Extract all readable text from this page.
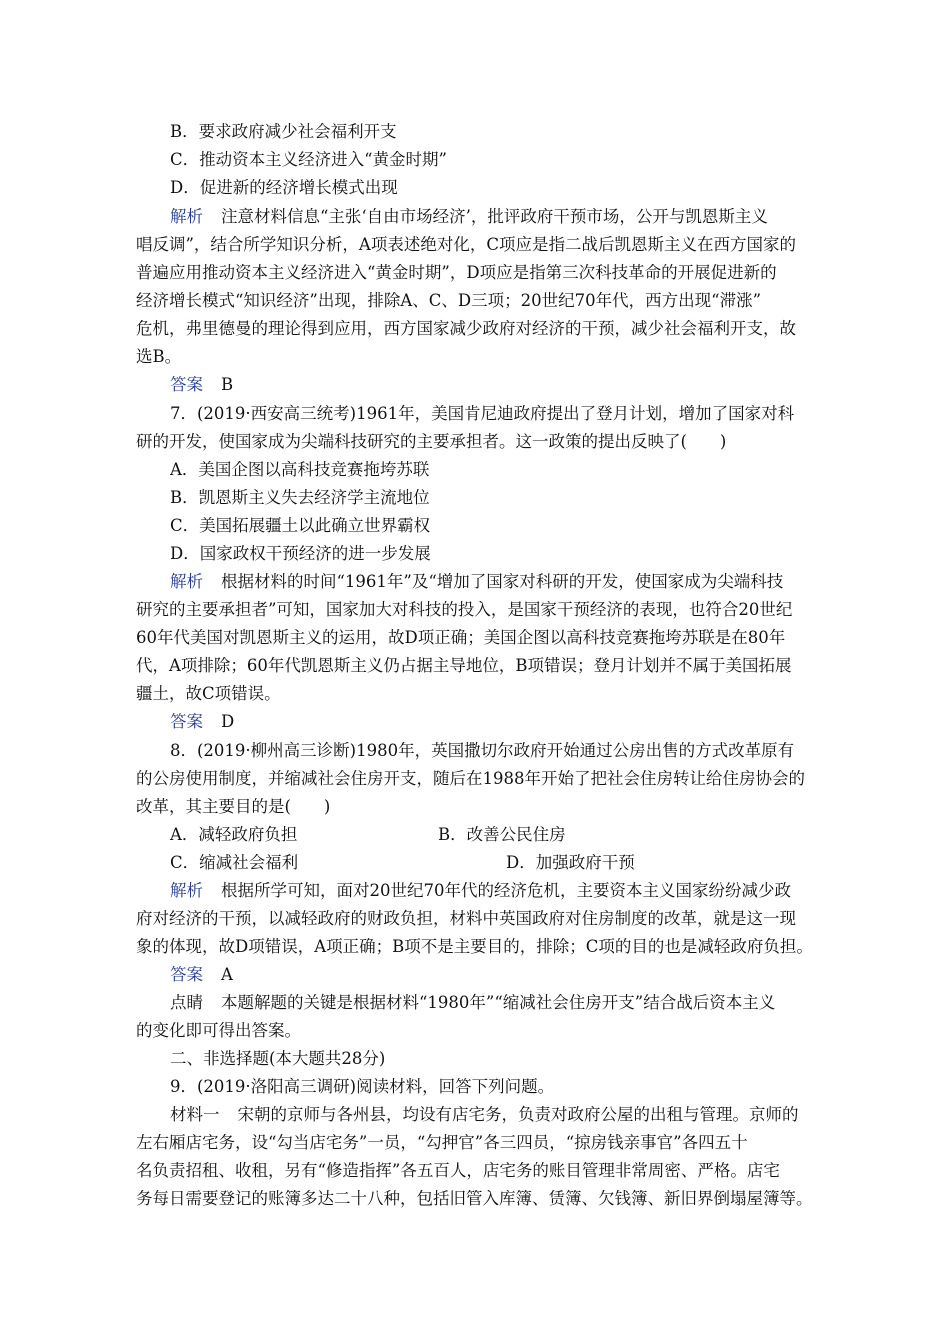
B．要求政府减少社会福利开支
C．推动资本主义经济进入“黄金时期”
D．促进新的经济增长模式出现
解析 注意材料信息“主张‘自由市场经济’，批评政府干预市场，公开与凯恩斯主义
唱反调”，结合所学知识分析，A项表述绝对化，C项应是指二战后凯恩斯主义在西方国家的
普遍应用推动资本主义经济进入“黄金时期”，D项应是指第三次科技革命的开展促进新的
经济增长模式“知识经济”出现，排除A、C、D三项；20世纪70年代，西方出现“滞涨”
危机，弗里德曼的理论得到应用，西方国家减少政府对经济的干预，减少社会福利开支，故
选B。
答案 B
7．(2019·西安高三统考)1961年，美国肯尼迪政府提出了登月计划，增加了国家对科
研的开发，使国家成为尖端科技研究的主要承担者。这一政策的提出反映了(　　)
A．美国企图以高科技竞赛拖垮苏联
B．凯恩斯主义失去经济学主流地位
C．美国拓展疆土以此确立世界霸权
D．国家政权干预经济的进一步发展
解析 根据材料的时间“1961年”及“增加了国家对科研的开发，使国家成为尖端科技
研究的主要承担者”可知，国家加大对科技的投入，是国家干预经济的表现，也符合20世纪
60年代美国对凯恩斯主义的运用，故D项正确；美国企图以高科技竞赛拖垮苏联是在80年
代，A项排除；60年代凯恩斯主义仍占据主导地位，B项错误；登月计划并不属于美国拓展
疆土，故C项错误。
答案 D
8．(2019·柳州高三诊断)1980年，英国撒切尔政府开始通过公房出售的方式改革原有
的公房使用制度，并缩减社会住房开支，随后在1988年开始了把社会住房转让给住房协会的
改革，其主要目的是(　　)
A．减轻政府负担	B．改善公民住房
C．缩减社会福利	D．加强政府干预
解析 根据所学可知，面对20世纪70年代的经济危机，主要资本主义国家纷纷减少政
府对经济的干预，以减轻政府的财政负担，材料中英国政府对住房制度的改革，就是这一现
象的体现，故D项错误，A项正确；B项不是主要目的，排除；C项的目的也是减轻政府负担。
答案 A
点睛 本题解题的关键是根据材料“1980年”“缩减社会住房开支”结合战后资本主义
的变化即可得出答案。
二、非选择题(本大题共28分)
9．(2019·洛阳高三调研)阅读材料，回答下列问题。
材料一 宋朝的京师与各州县，均设有店宅务，负责对政府公屋的出租与管理。京师的
左右厢店宅务，设“勾当店宅务”一员，“勾押官”各三四员，“掠房钱亲事官”各四五十
名负责招租、收租，另有“修造指挥”各五百人，店宅务的账目管理非常周密、严格。店宅
务每日需要登记的账簿多达二十八种，包括旧管入库簿、赁簿、欠钱簿、新旧界倒塌屋簿等。
